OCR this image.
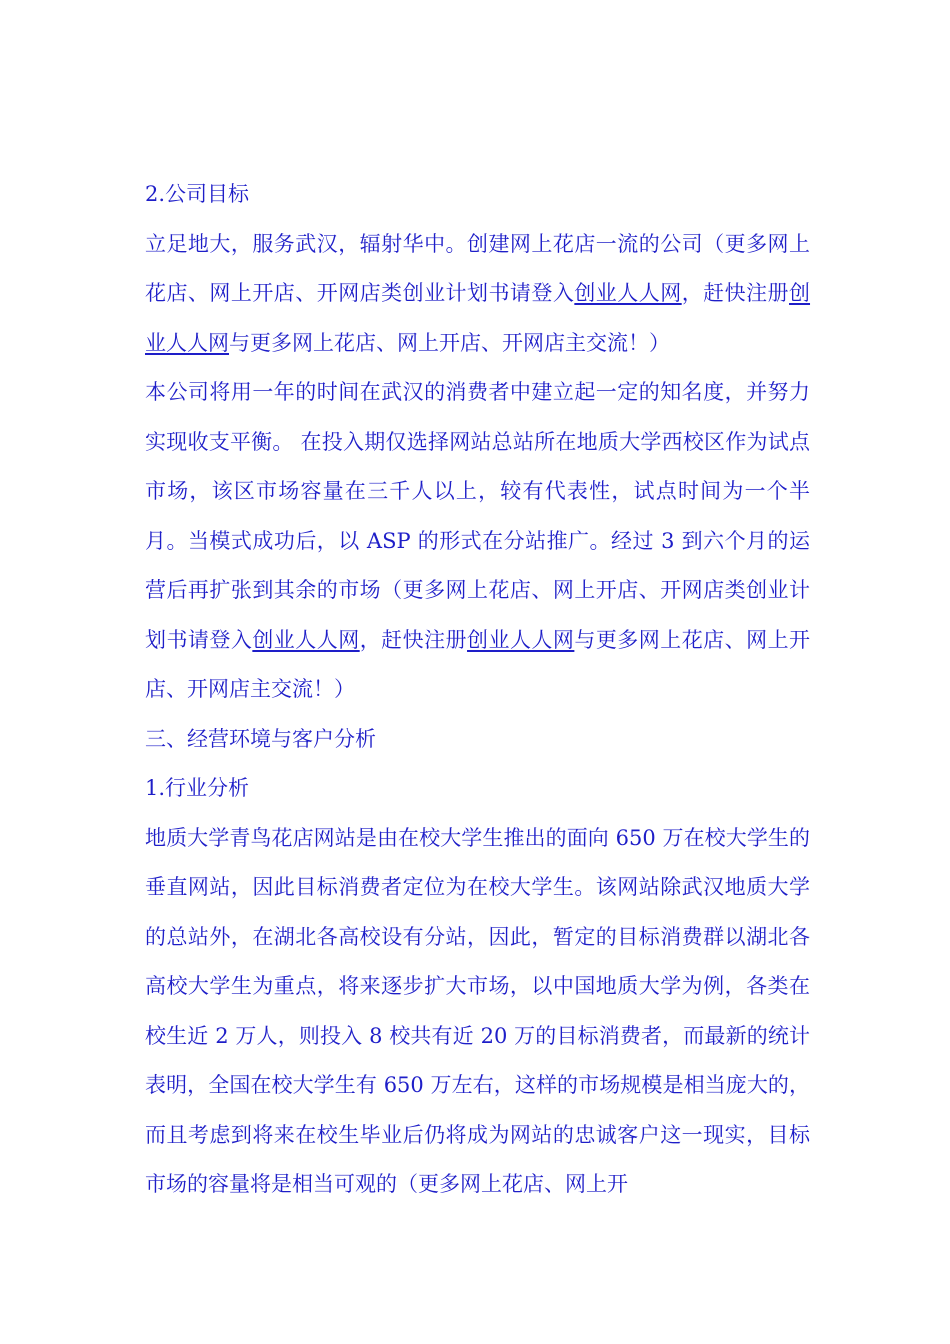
2.公司目标

立足地大，服务武汉，辐射华中。创建网上花店一流的公司（更多网上花店、网上开店、开网店类创业计划书请登入创业人人网，赶快注册创业人人网与更多网上花店、网上开店、开网店主交流！）

本公司将用一年的时间在武汉的消费者中建立起一定的知名度，并努力实现收支平衡。 在投入期仅选择网站总站所在地质大学西校区作为试点市场，该区市场容量在三千人以上，较有代表性，试点时间为一个半月。当模式成功后，以 ASP 的形式在分站推广。经过 3 到六个月的运营后再扩张到其余的市场（更多网上花店、网上开店、开网店类创业计划书请登入创业人人网，赶快注册创业人人网与更多网上花店、网上开店、开网店主交流！）

三、经营环境与客户分析

1.行业分析

地质大学青鸟花店网站是由在校大学生推出的面向 650 万在校大学生的垂直网站，因此目标消费者定位为在校大学生。该网站除武汉地质大学的总站外，在湖北各高校设有分站，因此，暂定的目标消费群以湖北各高校大学生为重点，将来逐步扩大市场，以中国地质大学为例，各类在校生近 2 万人，则投入 8 校共有近 20 万的目标消费者，而最新的统计表明，全国在校大学生有 650 万左右，这样的市场规模是相当庞大的，而且考虑到将来在校生毕业后仍将成为网站的忠诚客户这一现实，目标市场的容量将是相当可观的（更多网上花店、网上开
